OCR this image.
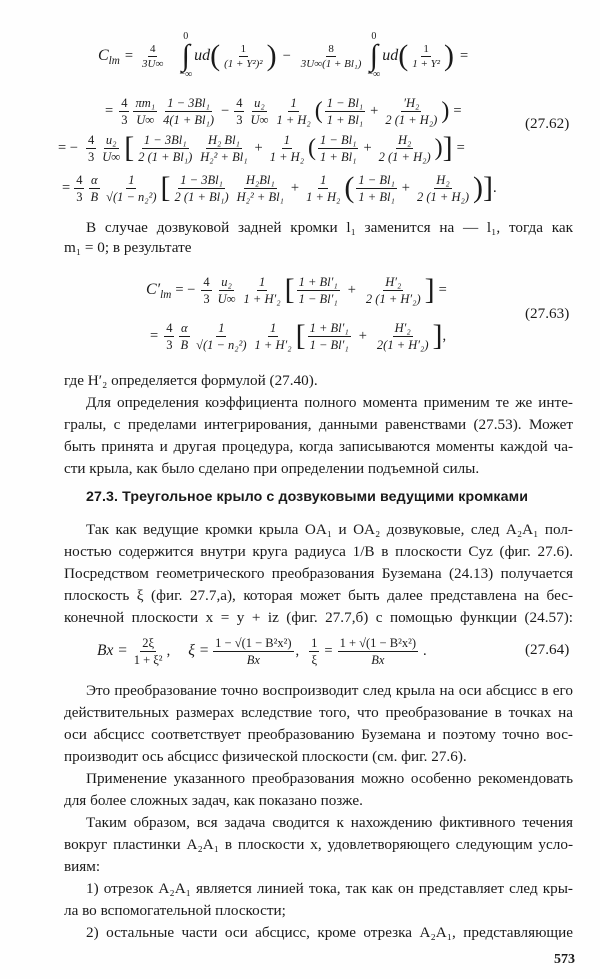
$C_{lm} = \frac{4}{3U\infty}$
0
∫
−∞
ud ( $\frac{1}{\text{(1 + Y²)²}}$ ) − $\frac{8}{\text{3U∞(1 + Bl₁)}}$
0
∫
−∞
ud ( $\frac{1}{\text{1 + Y²}}$ ) =
= $\frac{4}{3} \frac{\text{πm₁}}{U\infty} \frac{\text{1 − 3Bl₁}}{\text{4(1 + Bl₁)}} - \frac{4}{3} \frac{\text{u₂}}{U\infty} \frac{1}{\text{1 + H₂}}$ ( $\frac{\text{1 − Bl₁}}{\text{1 + Bl₁}} + \frac{\text{′H₂}}{\text{2 (1 + H₂)}}$ ) =
(27.62)
= − $\frac{4}{3} \frac{\text{u₂}}{U\infty}$ [ $\frac{\text{1 − 3Bl₁}}{\text{2 (1 + Bl₁)}} \frac{\text{H₂ Bl₁}}{\text{H₂² + Bl₁}} + \frac{1}{\text{1 + H₂}}$ ( $\frac{\text{1 − Bl₁}}{\text{1 + Bl₁}} + \frac{\text{H₂}}{\text{2 (1 + H₂)}}$ ) ] =
= $\frac{4}{3} \frac{\alpha}{B} \frac{1}{\text{√(1 − n₂²)}}$ [ $\frac{\text{1 − 3Bl₁}}{\text{2 (1 + Bl₁)}} \frac{\text{H₂Bl₁}}{\text{H₂² + Bl₁}} + \frac{1}{\text{1 + H₂}}$ ( $\frac{\text{1 − Bl₁}}{\text{1 + Bl₁}} + \frac{\text{H₂}}{\text{2 (1 + H₂)}}$ ) ] .
В случае дозвуковой задней кромки l₁ заменится на — l₁, тогда как
m₁ = 0; в результате
$C'_{lm}$ = − $\frac{4}{3} \frac{\text{u₂}}{U\infty} \frac{1}{\text{1 + H′₂}}$ [ $\frac{\text{1 + Bl′₁}}{\text{1 − Bl′₁}} + \frac{\text{H′₂}}{\text{2 (1 + H′₂)}}$ ] =
(27.63)
= $\frac{4}{3} \frac{\alpha}{B} \frac{1}{\text{√(1 − n₂²)}} \frac{1}{\text{1 + H′₂}}$ [ $\frac{\text{1 + Bl′₁}}{\text{1 − Bl′₁}} + \frac{\text{H′₂}}{\text{2(1 + H′₂)}}$ ] ,
где H′₂ определяется формулой (27.40).
Для определения коэффициента полного момента применим те же инте-
гралы, с пределами интегрирования, данными равенствами (27.53). Может
быть принята и другая процедура, когда записываются моменты каждой ча-
сти крыла, как было сделано при определении подъемной силы.
27.3. Треугольное крыло с дозвуковыми ведущими кромками
Так как ведущие кромки крыла OA₁ и OA₂ дозвуковые, след A₂A₁ пол-
ностью содержится внутри круга радиуса 1/B в плоскости Cyz (фиг. 27.6).
Посредством геометрического преобразования Буземана (24.13) получается
плоскость ξ (фиг. 27.7,а), которая может быть далее представлена на бес-
конечной плоскости x = y + iz (фиг. 27.7,б) с помощью функции (24.57):
$Bx = \frac{2\xi}{\text{1 + ξ²}}$ , $\xi = \frac{\text{1 − √(1 − B²x²)}}{Bx}$ , $\frac{1}{\xi} = \frac{\text{1 + √(1 − B²x²)}}{Bx}$ .	(27.64)
Это преобразование точно воспроизводит след крыла на оси абсцисс в его
действительных размерах вследствие того, что преобразование в точках на
оси абсцисс соответствует преобразованию Буземана и поэтому точно вос-
производит ось абсцисс физической плоскости (см. фиг. 27.6).
Применение указанного преобразования можно особенно рекомендовать
для более сложных задач, как показано позже.
Таким образом, вся задача сводится к нахождению фиктивного течения
вокруг пластинки A₂A₁ в плоскости x, удовлетворяющего следующим усло-
виям:
1) отрезок A₂A₁ является линией тока, так как он представляет след кры-
ла во вспомогательной плоскости;
2) остальные части оси абсцисс, кроме отрезка A₂A₁, представляющие
573
